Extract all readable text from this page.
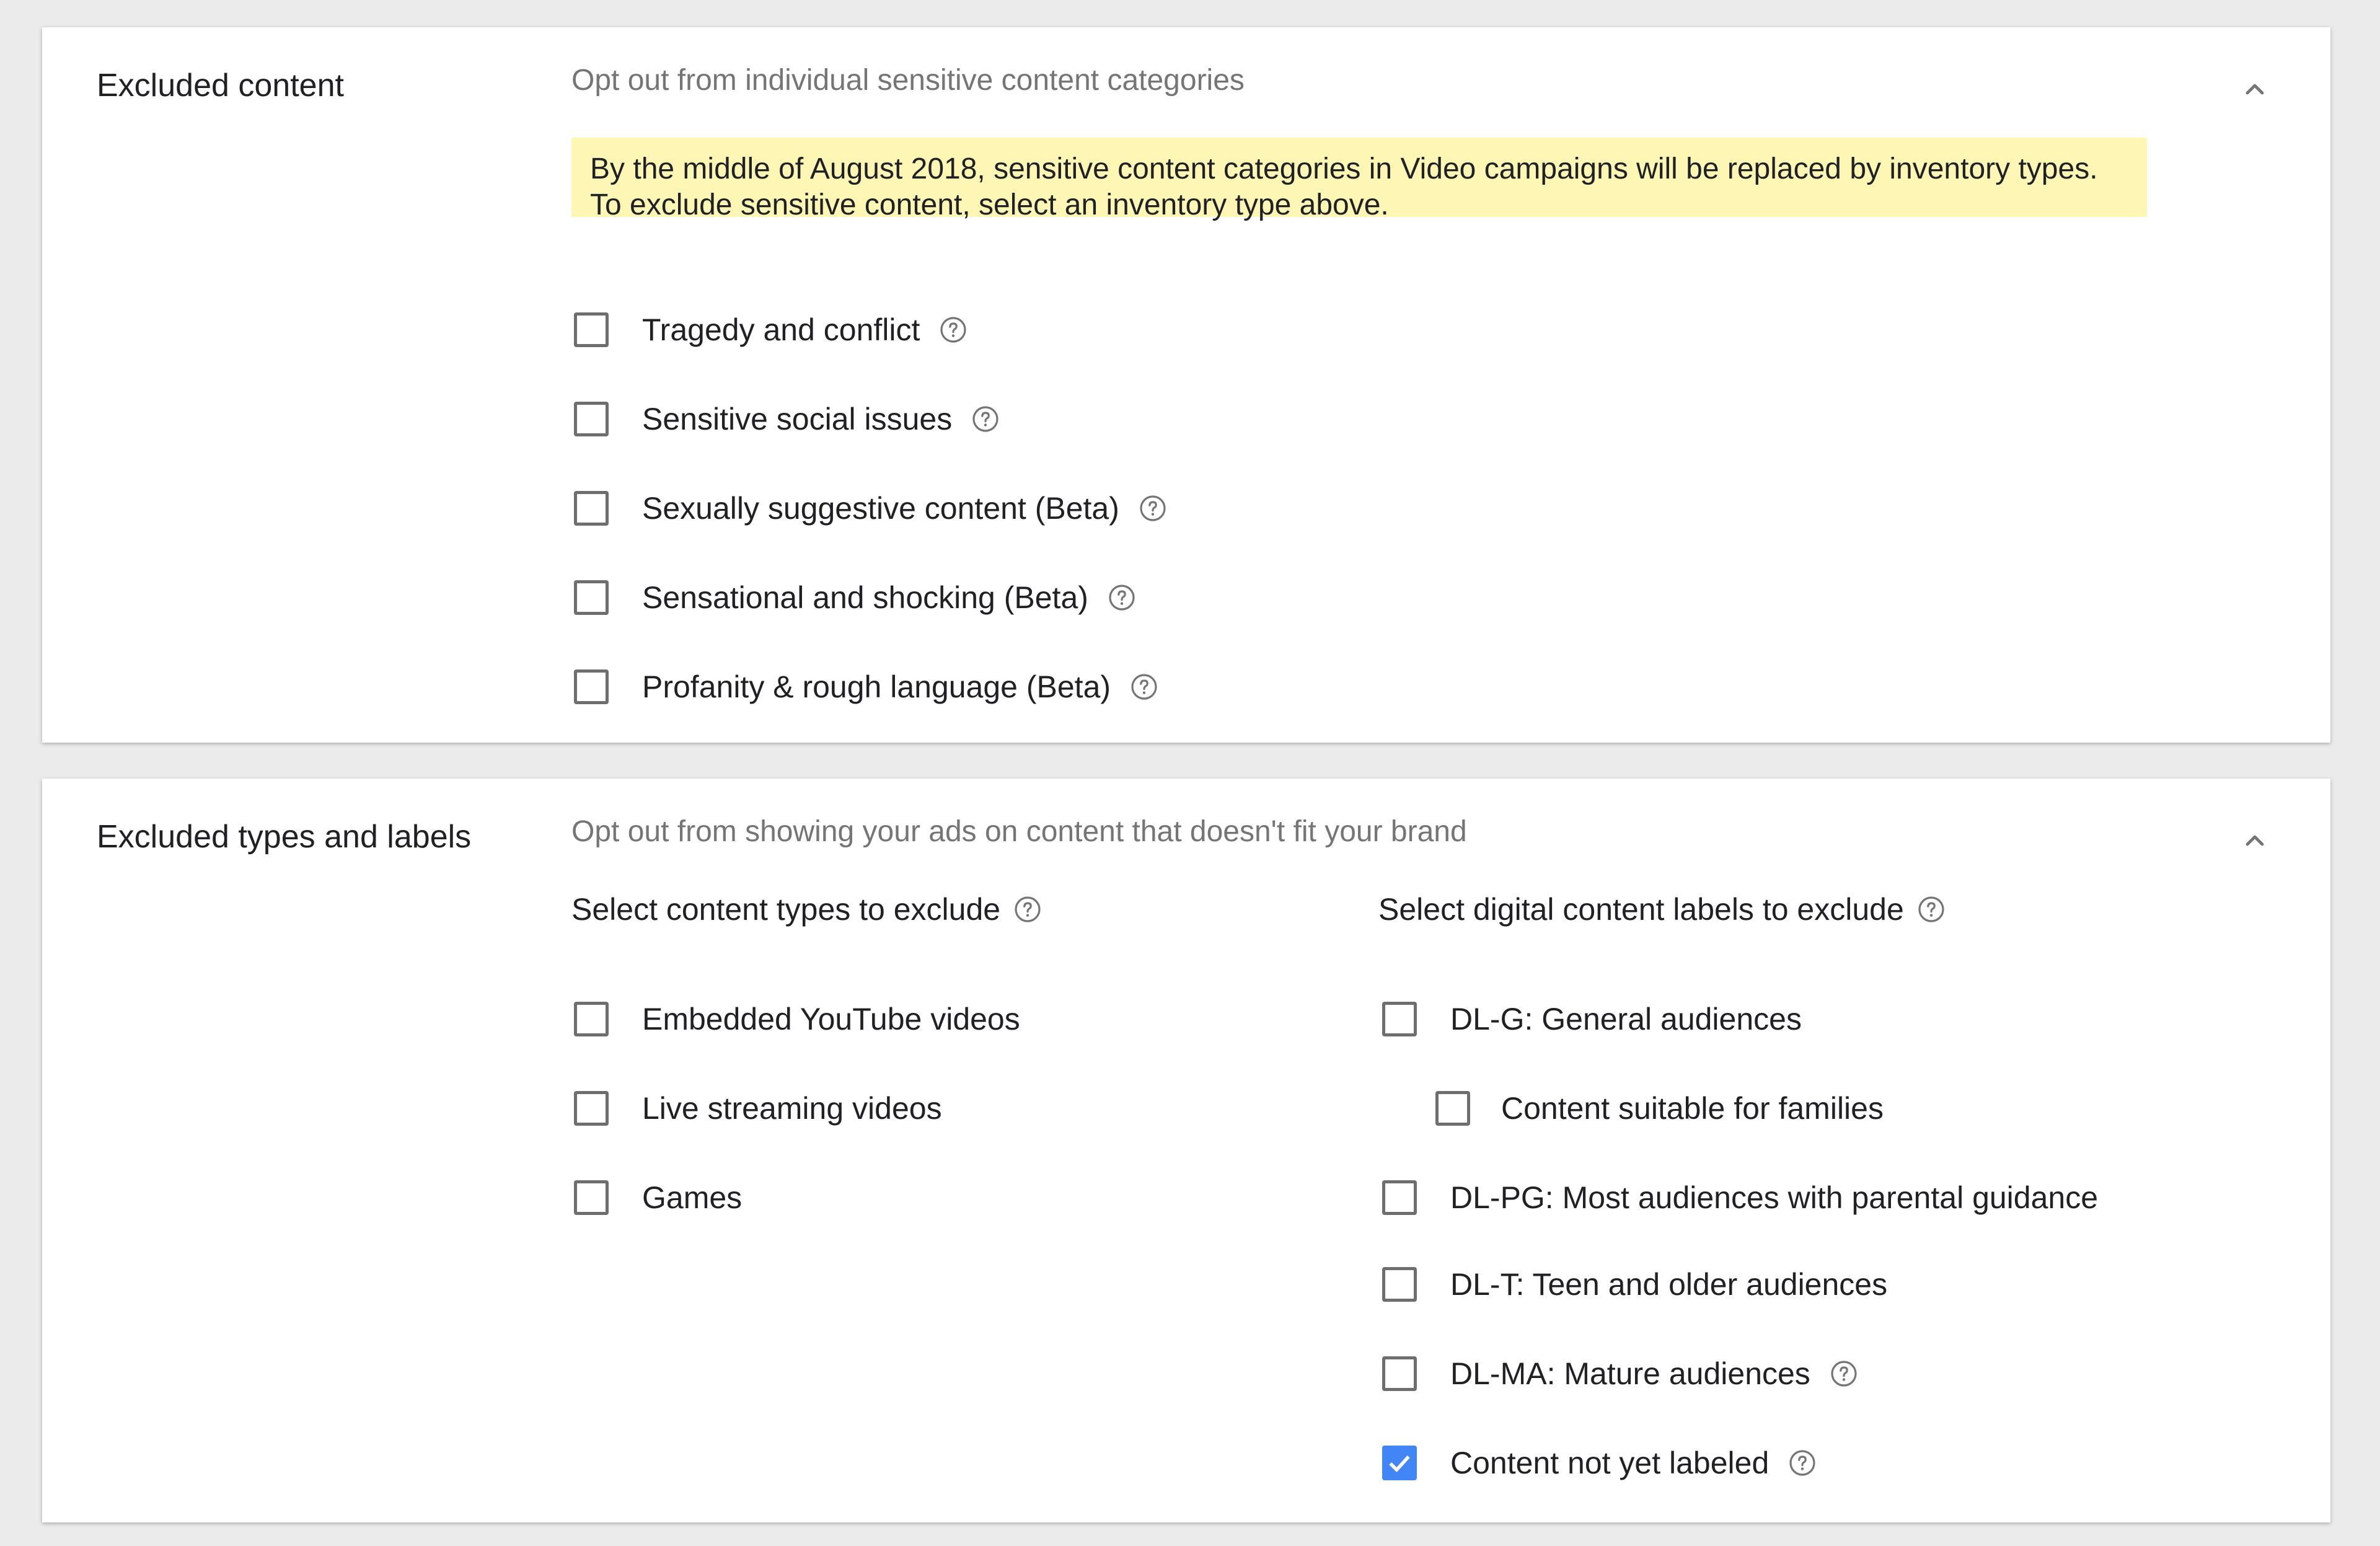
Excluded content	Opt out from individual sensitive content categories
By the middle of August 2018, sensitive content categories in Video campaigns will be replaced by inventory types. To exclude sensitive content, select an inventory type above.
Tragedy and conflict
Sensitive social issues
Sexually suggestive content (Beta)
Sensational and shocking (Beta)
Profanity & rough language (Beta)
Excluded types and labels	Opt out from showing your ads on content that doesn't fit your brand
Select content types to exclude
Embedded YouTube videos
Live streaming videos
Games
Select digital content labels to exclude
DL-G: General audiences
Content suitable for families
DL-PG: Most audiences with parental guidance
DL-T: Teen and older audiences
DL-MA: Mature audiences
Content not yet labeled
